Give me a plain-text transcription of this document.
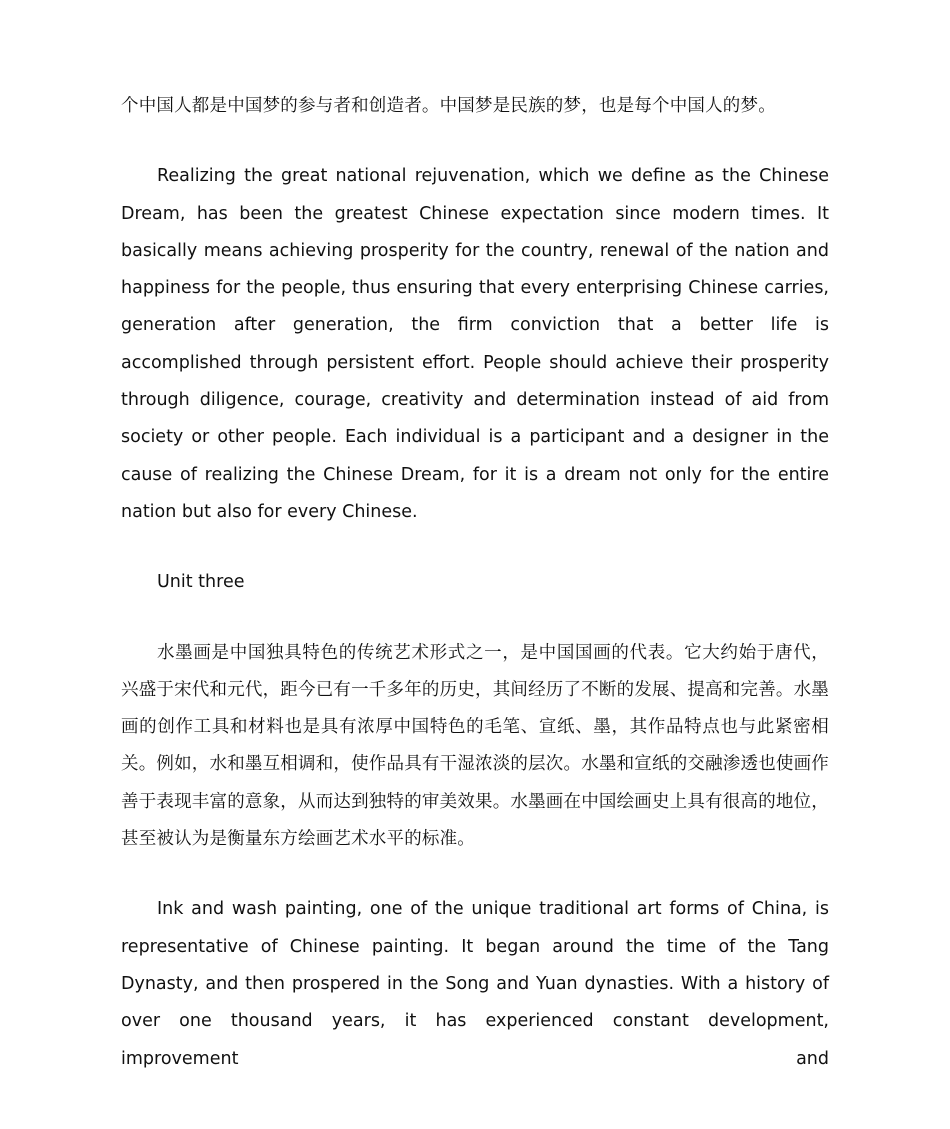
个中国人都是中国梦的参与者和创造者。中国梦是民族的梦，也是每个中国人的梦。

Realizing the great national rejuvenation, which we define as the Chinese Dream, has been the greatest Chinese expectation since modern times. It basically means achieving prosperity for the country, renewal of the nation and happiness for the people, thus ensuring that every enterprising Chinese carries, generation after generation, the firm conviction that a better life is accomplished through persistent effort. People should achieve their prosperity through diligence, courage, creativity and determination instead of aid from society or other people. Each individual is a participant and a designer in the cause of realizing the Chinese Dream, for it is a dream not only for the entire nation but also for every Chinese.

Unit three

水墨画是中国独具特色的传统艺术形式之一，是中国国画的代表。它大约始于唐代，兴盛于宋代和元代，距今已有一千多年的历史，其间经历了不断的发展、提高和完善。水墨画的创作工具和材料也是具有浓厚中国特色的毛笔、宣纸、墨，其作品特点也与此紧密相关。例如，水和墨互相调和，使作品具有干湿浓淡的层次。水墨和宣纸的交融渗透也使画作善于表现丰富的意象，从而达到独特的审美效果。水墨画在中国绘画史上具有很高的地位，甚至被认为是衡量东方绘画艺术水平的标准。

Ink and wash painting, one of the unique traditional art forms of China, is representative of Chinese painting. It began around the time of the Tang Dynasty, and then prospered in the Song and Yuan dynasties. With a history of over one thousand years, it has experienced constant development, improvement and
